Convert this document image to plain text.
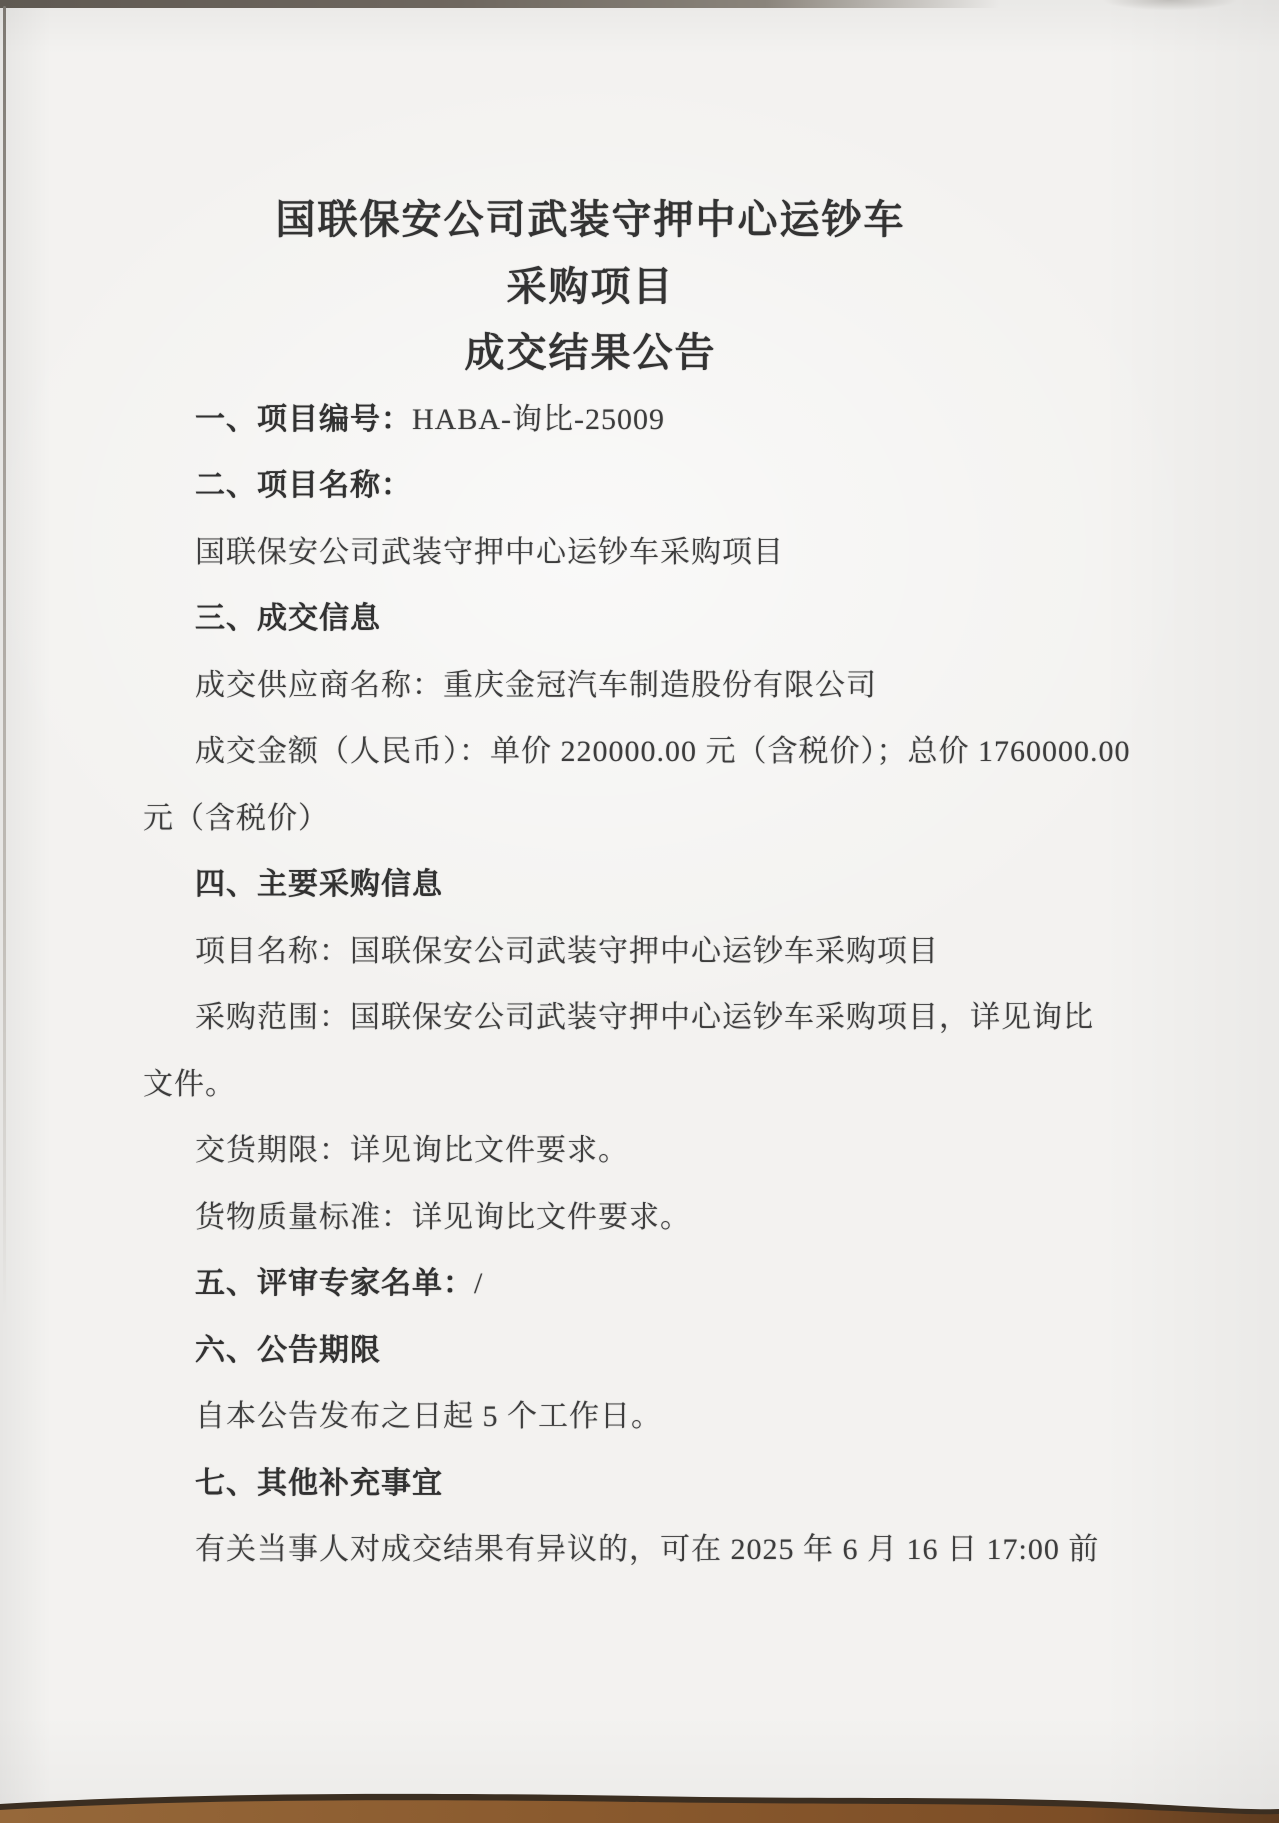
国联保安公司武装守押中心运钞车
采购项目
成交结果公告
一、项目编号：HABA-询比-25009
二、项目名称：
国联保安公司武装守押中心运钞车采购项目
三、成交信息
成交供应商名称：重庆金冠汽车制造股份有限公司
成交金额（人民币）：单价 220000.00 元（含税价）；总价 1760000.00
元（含税价）
四、主要采购信息
项目名称：国联保安公司武装守押中心运钞车采购项目
采购范围：国联保安公司武装守押中心运钞车采购项目，详见询比
文件。
交货期限：详见询比文件要求。
货物质量标准：详见询比文件要求。
五、评审专家名单：/
六、公告期限
自本公告发布之日起 5 个工作日。
七、其他补充事宜
有关当事人对成交结果有异议的，可在 2025 年 6 月 16 日 17:00 前
